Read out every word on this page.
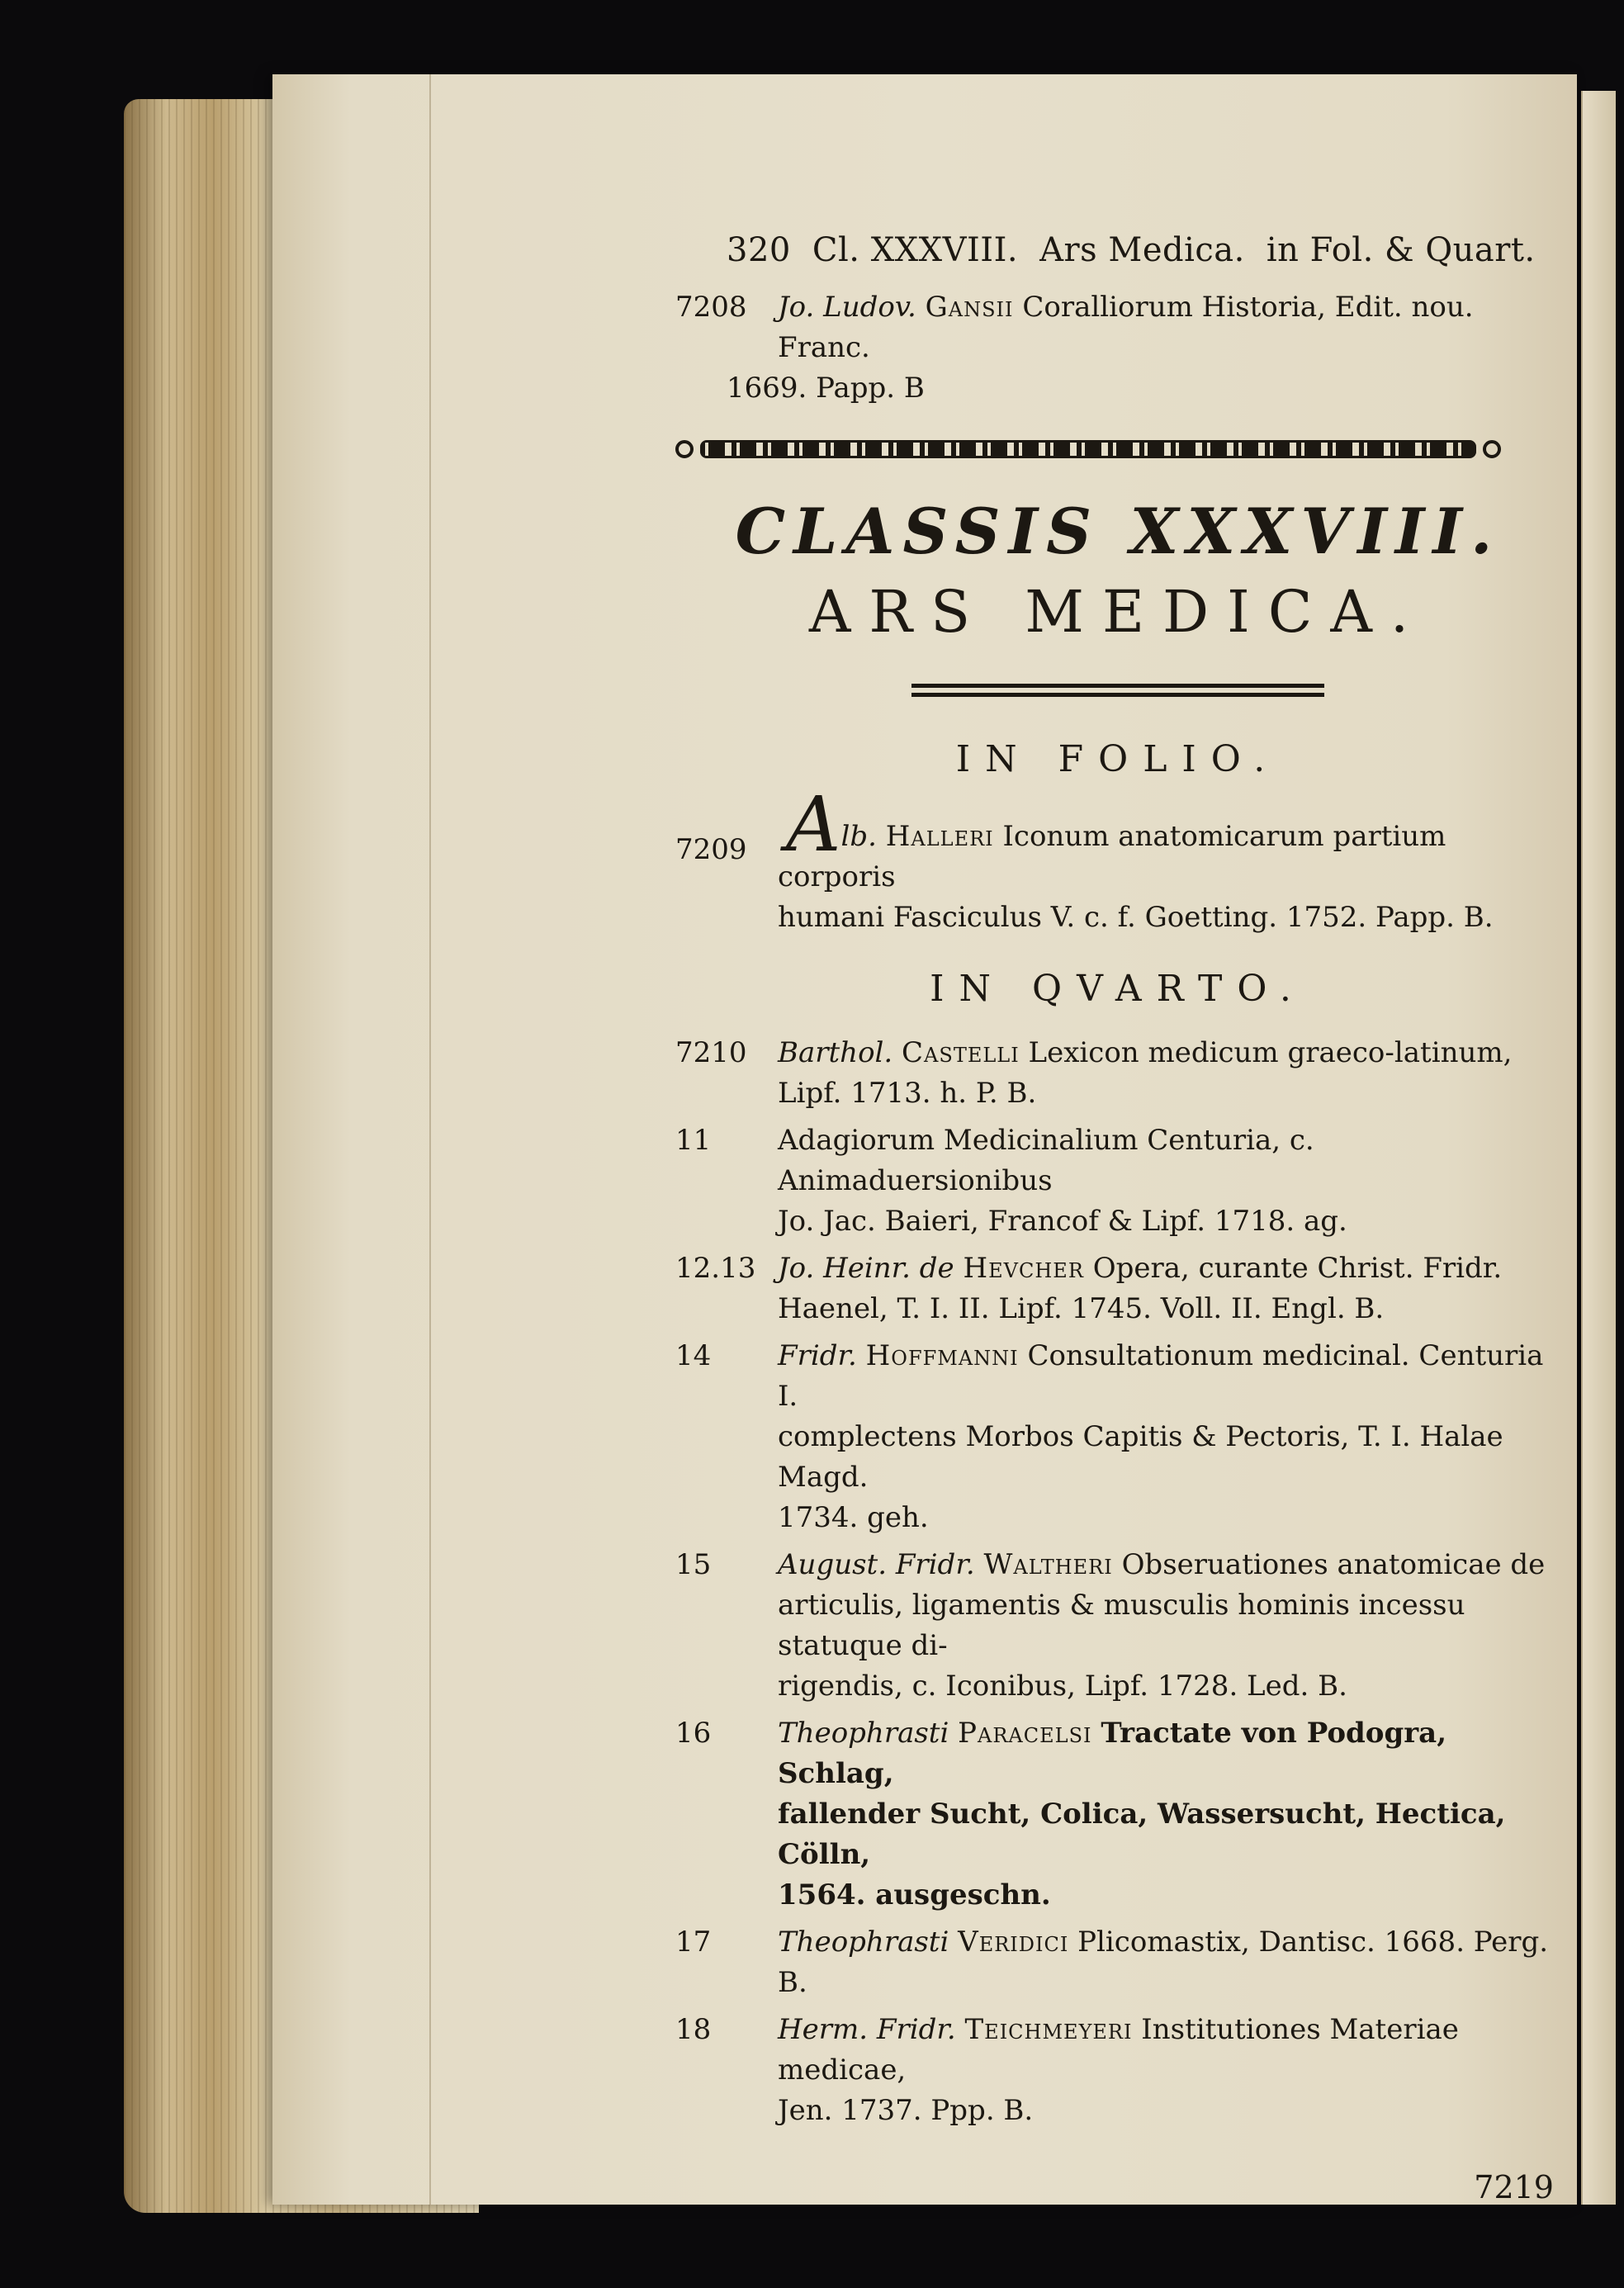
320 Cl. XXXVIII. Ars Medica. in Fol. & Quart.
7208 Jo. Ludov. Gansii Coralliorum Historia, Edit. nou. Franc.
1669. Papp. B
CLASSIS XXXVIII.
ARS MEDICA.
IN FOLIO.
7209 Alb. Halleri Iconum anatomicarum partium corporis
humani Fasciculus V. c. f. Goetting. 1752. Papp. B.
IN QVARTO.
7210 Barthol. Castelli Lexicon medicum graeco-latinum,
Lipf. 1713. h. P. B.
11 Adagiorum Medicinalium Centuria, c. Animaduersionibus
Jo. Jac. Baieri, Francof & Lipf. 1718. ag.
12.13 Jo. Heinr. de Hevcher Opera, curante Christ. Fridr.
Haenel, T. I. II. Lipf. 1745. Voll. II. Engl. B.
14 Fridr. Hoffmanni Consultationum medicinal. Centuria I.
complectens Morbos Capitis & Pectoris, T. I. Halae Magd.
1734. geh.
15 August. Fridr. Waltheri Obseruationes anatomicae de
articulis, ligamentis & musculis hominis incessu statuque di-
rigendis, c. Iconibus, Lipf. 1728. Led. B.
16 Theophrasti Paracelsi Tractate von Podogra, Schlag,
fallender Sucht, Colica, Wassersucht, Hectica, Cölln,
1564. ausgeschn.
17 Theophrasti Veridici Plicomastix, Dantisc. 1668. Perg. B.
18 Herm. Fridr. Teichmeyeri Institutiones Materiae medicae,
Jen. 1737. Ppp. B.
7219
